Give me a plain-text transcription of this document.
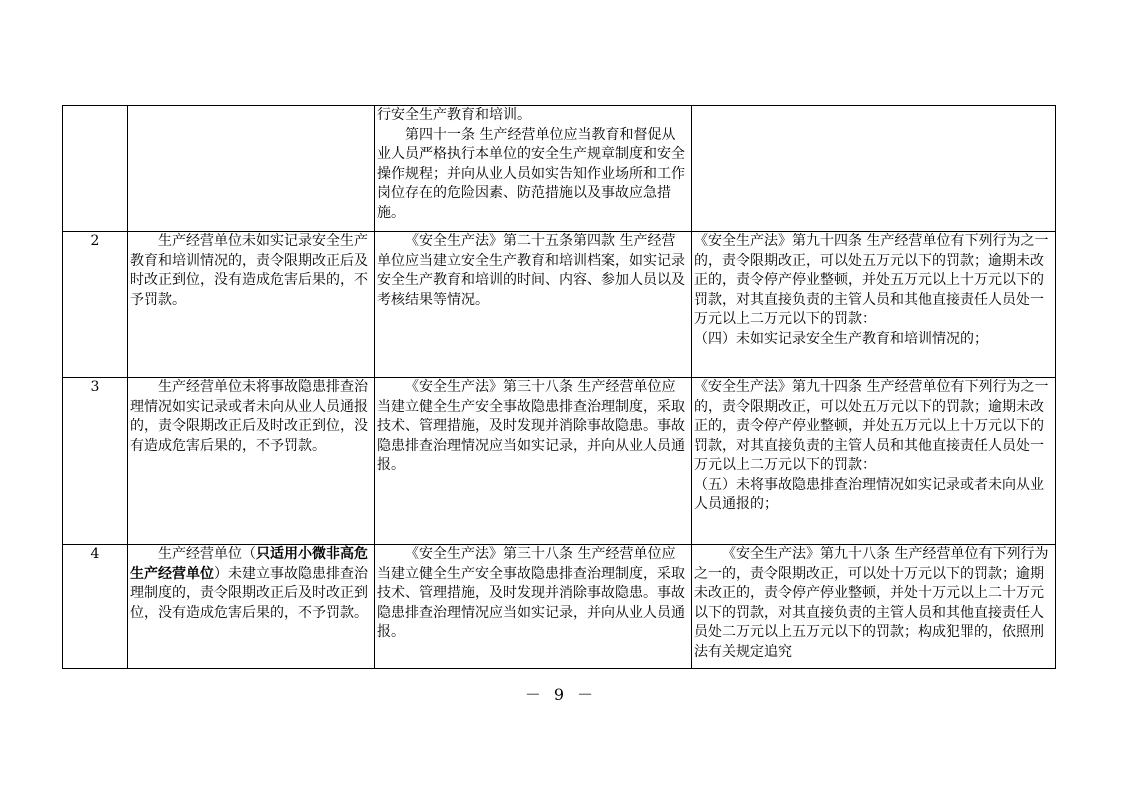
		行安全生产教育和培训。

第四十一条 生产经营单位应当教育和督促从业人员严格执行本单位的安全生产规章制度和安全操作规程；并向从业人员如实告知作业场所和工作岗位存在的危险因素、防范措施以及事故应急措施。	

2	生产经营单位未如实记录安全生产教育和培训情况的，责令限期改正后及时改正到位，没有造成危害后果的，不予罚款。	《安全生产法》第二十五条第四款 生产经营单位应当建立安全生产教育和培训档案，如实记录安全生产教育和培训的时间、内容、参加人员以及考核结果等情况。	《安全生产法》第九十四条 生产经营单位有下列行为之一的，责令限期改正，可以处五万元以下的罚款；逾期未改正的，责令停产停业整顿，并处五万元以上十万元以下的罚款，对其直接负责的主管人员和其他直接责任人员处一万元以上二万元以下的罚款：

（四）未如实记录安全生产教育和培训情况的；

3	生产经营单位未将事故隐患排查治理情况如实记录或者未向从业人员通报的，责令限期改正后及时改正到位，没有造成危害后果的，不予罚款。	《安全生产法》第三十八条 生产经营单位应当建立健全生产安全事故隐患排查治理制度，采取技术、管理措施，及时发现并消除事故隐患。事故隐患排查治理情况应当如实记录，并向从业人员通报。	《安全生产法》第九十四条 生产经营单位有下列行为之一的，责令限期改正，可以处五万元以下的罚款；逾期未改正的，责令停产停业整顿，并处五万元以上十万元以下的罚款，对其直接负责的主管人员和其他直接责任人员处一万元以上二万元以下的罚款：

（五）未将事故隐患排查治理情况如实记录或者未向从业人员通报的；

4	生产经营单位（只适用小微非高危生产经营单位）未建立事故隐患排查治理制度的，责令限期改正后及时改正到位，没有造成危害后果的，不予罚款。	《安全生产法》第三十八条 生产经营单位应当建立健全生产安全事故隐患排查治理制度，采取技术、管理措施，及时发现并消除事故隐患。事故隐患排查治理情况应当如实记录，并向从业人员通报。	《安全生产法》第九十八条 生产经营单位有下列行为之一的，责令限期改正，可以处十万元以下的罚款；逾期未改正的，责令停产停业整顿，并处十万元以上二十万元以下的罚款，对其直接负责的主管人员和其他直接责任人员处二万元以上五万元以下的罚款；构成犯罪的，依照刑法有关规定追究

－ 9 －
